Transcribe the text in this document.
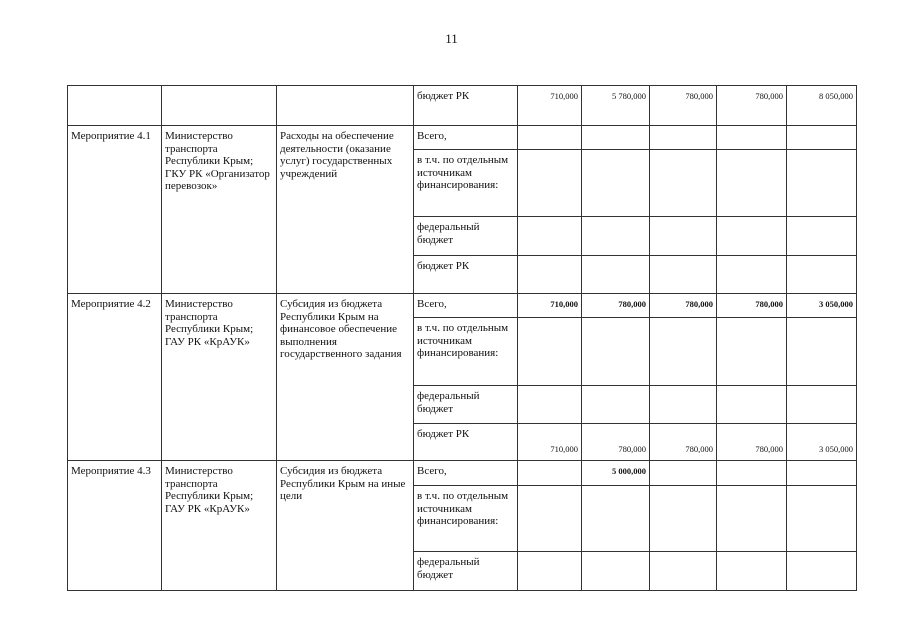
11
			бюджет РК	710,000	5 780,000	780,000	780,000	8 050,000
Мероприятие 4.1	Министерство транспорта Республики Крым; ГКУ РК «Организатор перевозок»	Расходы на обеспечение деятельности (оказание услуг) государственных учреждений	Всего,					
			в т.ч. по отдельным источникам финансирования:					
			федеральный бюджет					
			бюджет РК					
Мероприятие 4.2	Министерство транспорта Республики Крым; ГАУ РК «КрАУК»	Субсидия из бюджета Республики Крым на финансовое обеспечение выполнения государственного задания	Всего,	710,000	780,000	780,000	780,000	3 050,000
			в т.ч. по отдельным источникам финансирования:					
			федеральный бюджет					
			бюджет РК	710,000	780,000	780,000	780,000	3 050,000
Мероприятие 4.3	Министерство транспорта Республики Крым; ГАУ РК «КрАУК»	Субсидия из бюджета Республики Крым на иные цели	Всего,		5 000,000			
			в т.ч. по отдельным источникам финансирования:					
			федеральный бюджет					
